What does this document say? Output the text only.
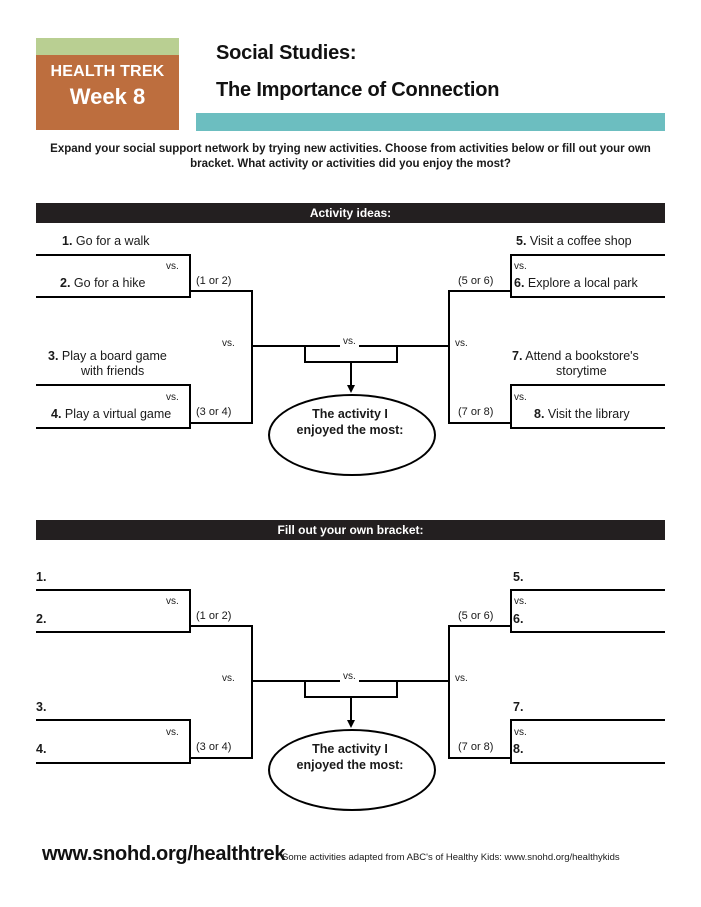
HEALTH TREK
Week 8
Social Studies:
The Importance of Connection
Expand your social support network by trying new activities. Choose from activities below or fill out your own bracket. What activity or activities did you enjoy the most?
Activity ideas:
1. Go for a walk
vs.
2. Go for a hike	(1 or 2)
3. Play a board game
with friends
vs.
4. Play a virtual game (3 or 4)
vs.
5. Visit a coffee shop
vs.
6. Explore a local park
(5 or 6)
7. Attend a bookstore's
storytime
vs.
8. Visit the library
(7 or 8)
vs.
vs.
The activity I
enjoyed the most:
Fill out your own bracket:
1.
vs.
2.	(1 or 2)
3.
vs.
4.	(3 or 4)
vs.
5.
vs.
6.
(5 or 6)
7.
vs.
8.
(7 or 8)
vs.
vs.
The activity I
enjoyed the most:
www.snohd.org/healthtrek
Some activities adapted from ABC's of Healthy Kids: www.snohd.org/healthykids
